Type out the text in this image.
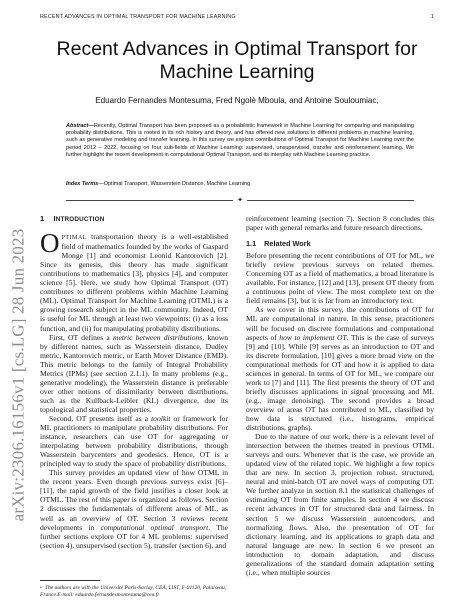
RECENT ADVANCES IN OPTIMAL TRANSPORT FOR MACHINE LEARNING	1
arXiv:2306.16156v1 [cs.LG] 28 Jun 2023
Recent Advances in Optimal Transport for Machine Learning
Eduardo Fernandes Montesuma, Fred Ngolè Mboula, and Antoine Souloumiac,
Abstract—Recently, Optimal Transport has been proposed as a probabilistic framework in Machine Learning for comparing and manipulating probability distributions. This is rooted in its rich history and theory, and has offered new solutions to different problems in machine learning, such as generative modeling and transfer learning. In this survey we explore contributions of Optimal Transport for Machine Learning over the period 2012 – 2022, focusing on four sub-fields of Machine Learning: supervised, unsupervised, transfer and reinforcement learning. We further highlight the recent development in computational Optimal Transport, and its interplay with Machine Learning practice.
Index Terms—Optimal Transport, Wasserstein Distance, Machine Learning
✦
1 INTRODUCTION

OPTIMAL transportation theory is a well-established field of mathematics founded by the works of Gaspard Monge [1] and economist Leonid Kantorovich [2]. Since its genesis, this theory has made significant contributions to mathematics [3], physics [4], and computer science [5]. Here, we study how Optimal Transport (OT) contributes to different problems within Machine Learning (ML). Optimal Transport for Machine Learning (OTML) is a growing research subject in the ML community. Indeed, OT is useful for ML through at least two viewpoints: (i) as a loss function, and (ii) for manipulating probability distributions.

First, OT defines a metric between distributions, known by different names, such as Wasserstein distance, Dudley metric, Kantorovich metric, or Earth Mover Distance (EMD). This metric belongs to the family of Integral Probability Metrics (IPMs) (see section 2.1.1). In many problems (e.g., generative modeling), the Wasserstein distance is preferable over other notions of dissimilarity between distributions, such as the Kullback-Leibler (KL) divergence, due its topological and statistical properties.

Second, OT presents itself as a toolkit or framework for ML practitioners to manipulate probability distributions. For instance, researchers can use OT for aggregating or interpolating between probability distributions, through Wasserstein barycenters and geodesics. Hence, OT is a principled way to study the space of probability distributions.

This survey provides an updated view of how OTML in the recent years. Even though previous surveys exist [6]–[11], the rapid growth of the field justifies a closer look at OTML. The rest of this paper is organized as follows. Section 2 discusses the fundamentals of different areas of ML, as well as an overview of OT. Section 3 reviews recent developments in computational optimal transport. The further sections explore OT for 4 ML problems: supervised (section 4), unsupervised (section 5), transfer (section 6), and

• The authors are with the Université Paris-Saclay, CEA, LIST, F-91120, Palaiseau, France.E-mail: eduardo.fernandesmontesuma@cea.fr

reinforcement learning (section 7). Section 8 concludes this paper with general remarks and future research directions.

1.1 Related Work

Before presenting the recent contributions of OT for ML, we briefly review previous surveys on related themes. Concerning OT as a field of mathematics, a broad literature is available. For instance, [12] and [13], present OT theory from a continuous point of view. The most complete text on the field remains [3], but it is far from an introductory text.

As we cover in this survey, the contributions of OT for ML are computational in nature. In this sense, practitioners will be focused on discrete formulations and computational aspects of how to implement OT. This is the case of surveys [9] and [10]. While [9] serves as an introduction to OT and its discrete formulation, [10] gives a more broad view on the computational methods for OT and how it is applied to data sciences in general. In terms of OT for ML, we compare our work to [7] and [11]. The first presents the theory of OT and briefly discusses applications in signal processing and ML (e.g., image denoising). The second provides a broad overview of areas OT has contributed to ML, classified by how data is structured (i.e., histograms, empirical distributions, graphs).

Due to the nature of our work, there is a relevant level of intersection between the themes treated in previous OTML surveys and ours. Whenever that is the case, we provide an updated view of the related topic. We highlight a few topics that are new. In section 3, projection robust, structured, neural and mini-batch OT are novel ways of computing OT. We further analyze in section 8.1 the statistical challenges of estimating OT from finite samples. In section 4 we discuss recent advances in OT for structured data and fairness. In section 5 we discuss Wasserstein autoencoders, and normalizing flows. Also, the presentation of OT for dictionary learning, and its applications to graph data and natural language are new. In section 6 we present an introduction to domain adaptation, and discuss generalizations of the standard domain adaptation setting (i.e., when multiple sources
